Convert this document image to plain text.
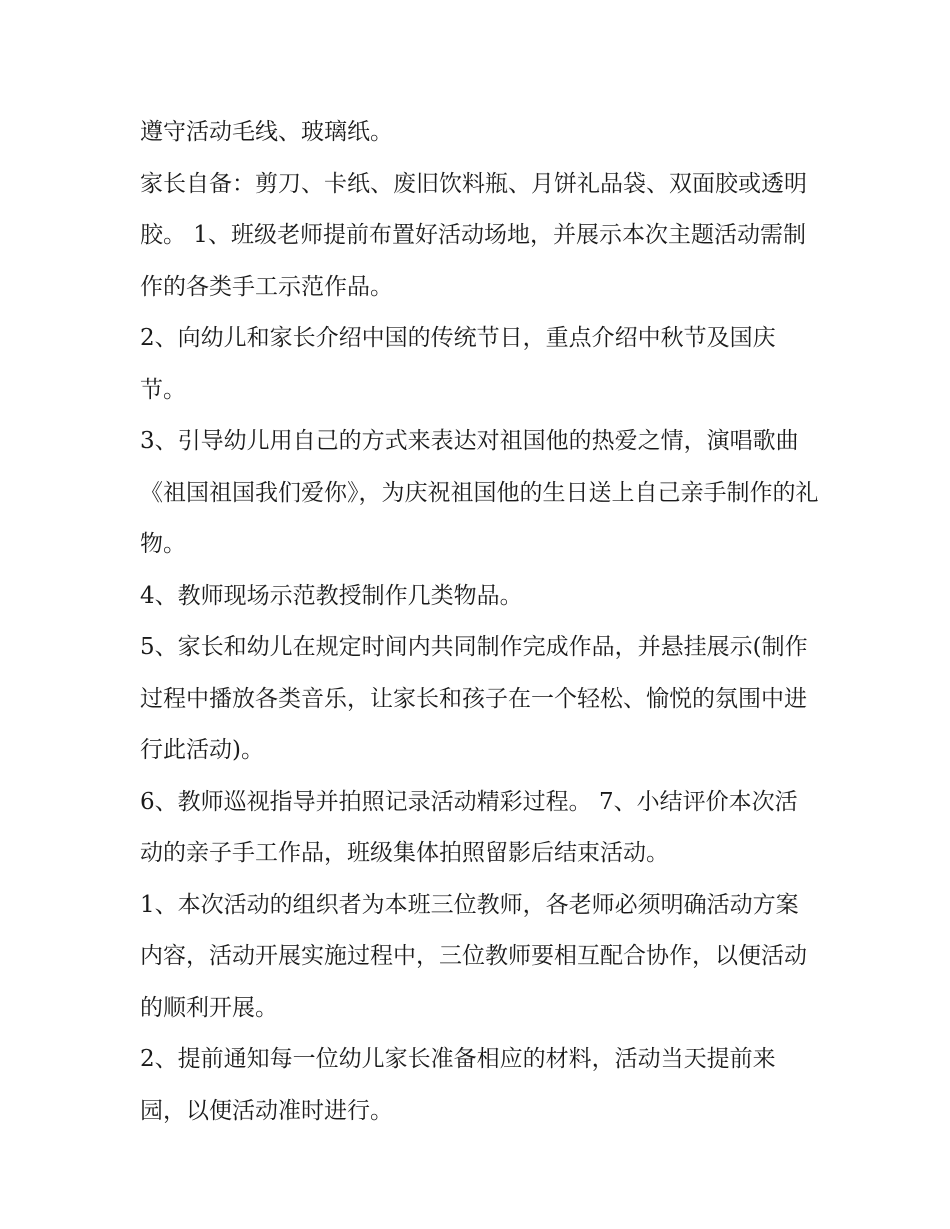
遵守活动毛线、玻璃纸。

家长自备：剪刀、卡纸、废旧饮料瓶、月饼礼品袋、双面胶或透明胶。 1、班级老师提前布置好活动场地，并展示本次主题活动需制作的各类手工示范作品。

2、向幼儿和家长介绍中国的传统节日，重点介绍中秋节及国庆节。

3、引导幼儿用自己的方式来表达对祖国他的热爱之情，演唱歌曲《祖国祖国我们爱你》，为庆祝祖国他的生日送上自己亲手制作的礼物。

4、教师现场示范教授制作几类物品。

5、家长和幼儿在规定时间内共同制作完成作品，并悬挂展示(制作过程中播放各类音乐，让家长和孩子在一个轻松、愉悦的氛围中进行此活动)。

6、教师巡视指导并拍照记录活动精彩过程。 7、小结评价本次活动的亲子手工作品，班级集体拍照留影后结束活动。

1、本次活动的组织者为本班三位教师，各老师必须明确活动方案内容，活动开展实施过程中，三位教师要相互配合协作，以便活动的顺利开展。

2、提前通知每一位幼儿家长准备相应的材料，活动当天提前来园，以便活动准时进行。
